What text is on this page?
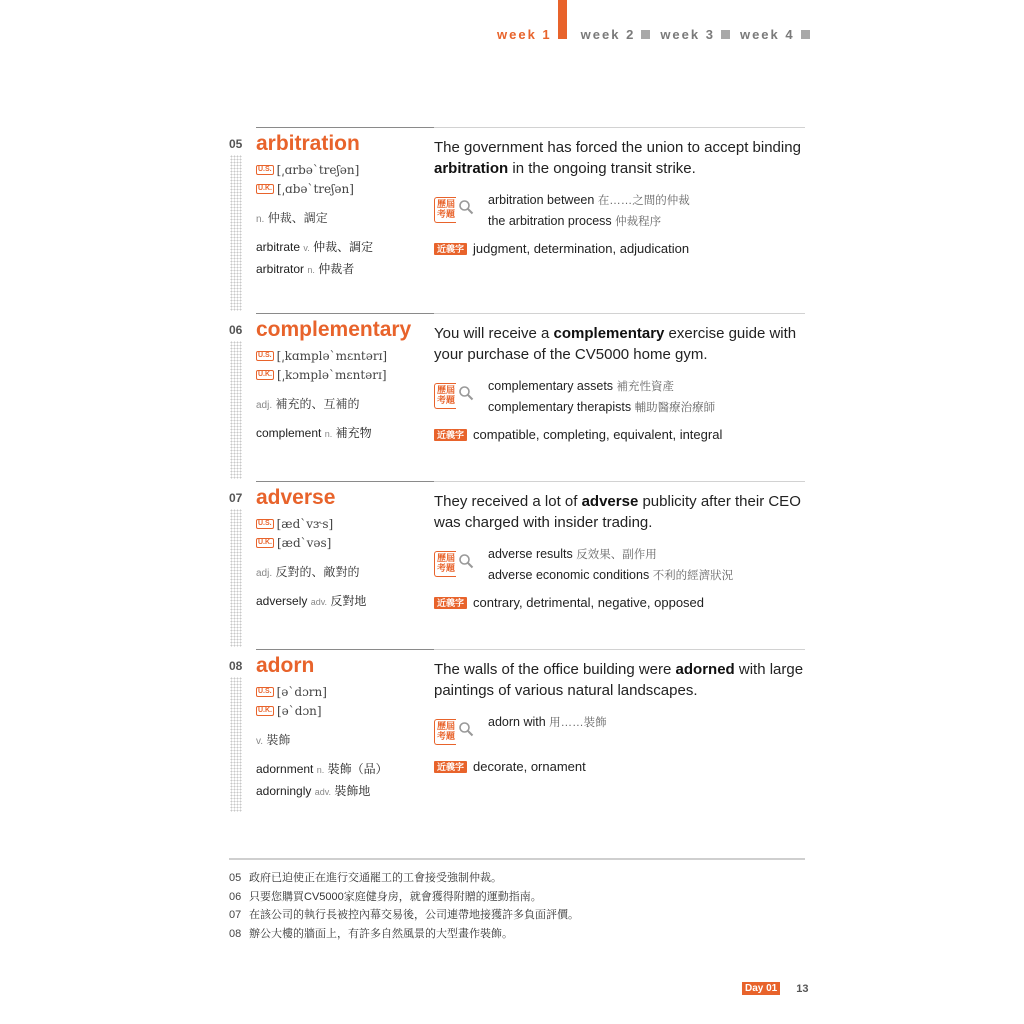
week 1 week 2 week 3 week 4
05 arbitration
U.S. [͵ɑrbəˋtreʃən]
U.K. [͵ɑbəˋtreʃən]
n. 仲裁、調定
arbitrate v. 仲裁、調定
arbitrator n. 仲裁者

The government has forced the union to accept binding arbitration in the ongoing transit strike.

歷屆考題
arbitration between 在……之間的仲裁
the arbitration process 仲裁程序
近義字 judgment, determination, adjudication
06 complementary
U.S. [͵kɑmpləˋmɛntərɪ]
U.K. [͵kɔmpləˋmɛntərɪ]
adj. 補充的、互補的
complement n. 補充物

You will receive a complementary exercise guide with your purchase of the CV5000 home gym.

歷屆考題
complementary assets 補充性資產
complementary therapists 輔助醫療治療師
近義字 compatible, completing, equivalent, integral
07 adverse
U.S. [ædˋvɝs]
U.K. [ædˋvəs]
adj. 反對的、敵對的
adversely adv. 反對地

They received a lot of adverse publicity after their CEO was charged with insider trading.

歷屆考題
adverse results 反效果、副作用
adverse economic conditions 不利的經濟狀況
近義字 contrary, detrimental, negative, opposed
08 adorn
U.S. [əˋdɔrn]
U.K. [əˋdɔn]
v. 裝飾
adornment n. 裝飾（品）
adorningly adv. 裝飾地

The walls of the office building were adorned with large paintings of various natural landscapes.

歷屆考題
adorn with 用……裝飾
近義字 decorate, ornament
05 政府已迫使正在進行交通罷工的工會接受強制仲裁。
06 只要您購買CV5000家庭健身房，就會獲得附贈的運動指南。
07 在該公司的執行長被控內幕交易後，公司連帶地接獲許多負面評價。
08 辦公大樓的牆面上，有許多自然風景的大型畫作裝飾。
Day 01 13
